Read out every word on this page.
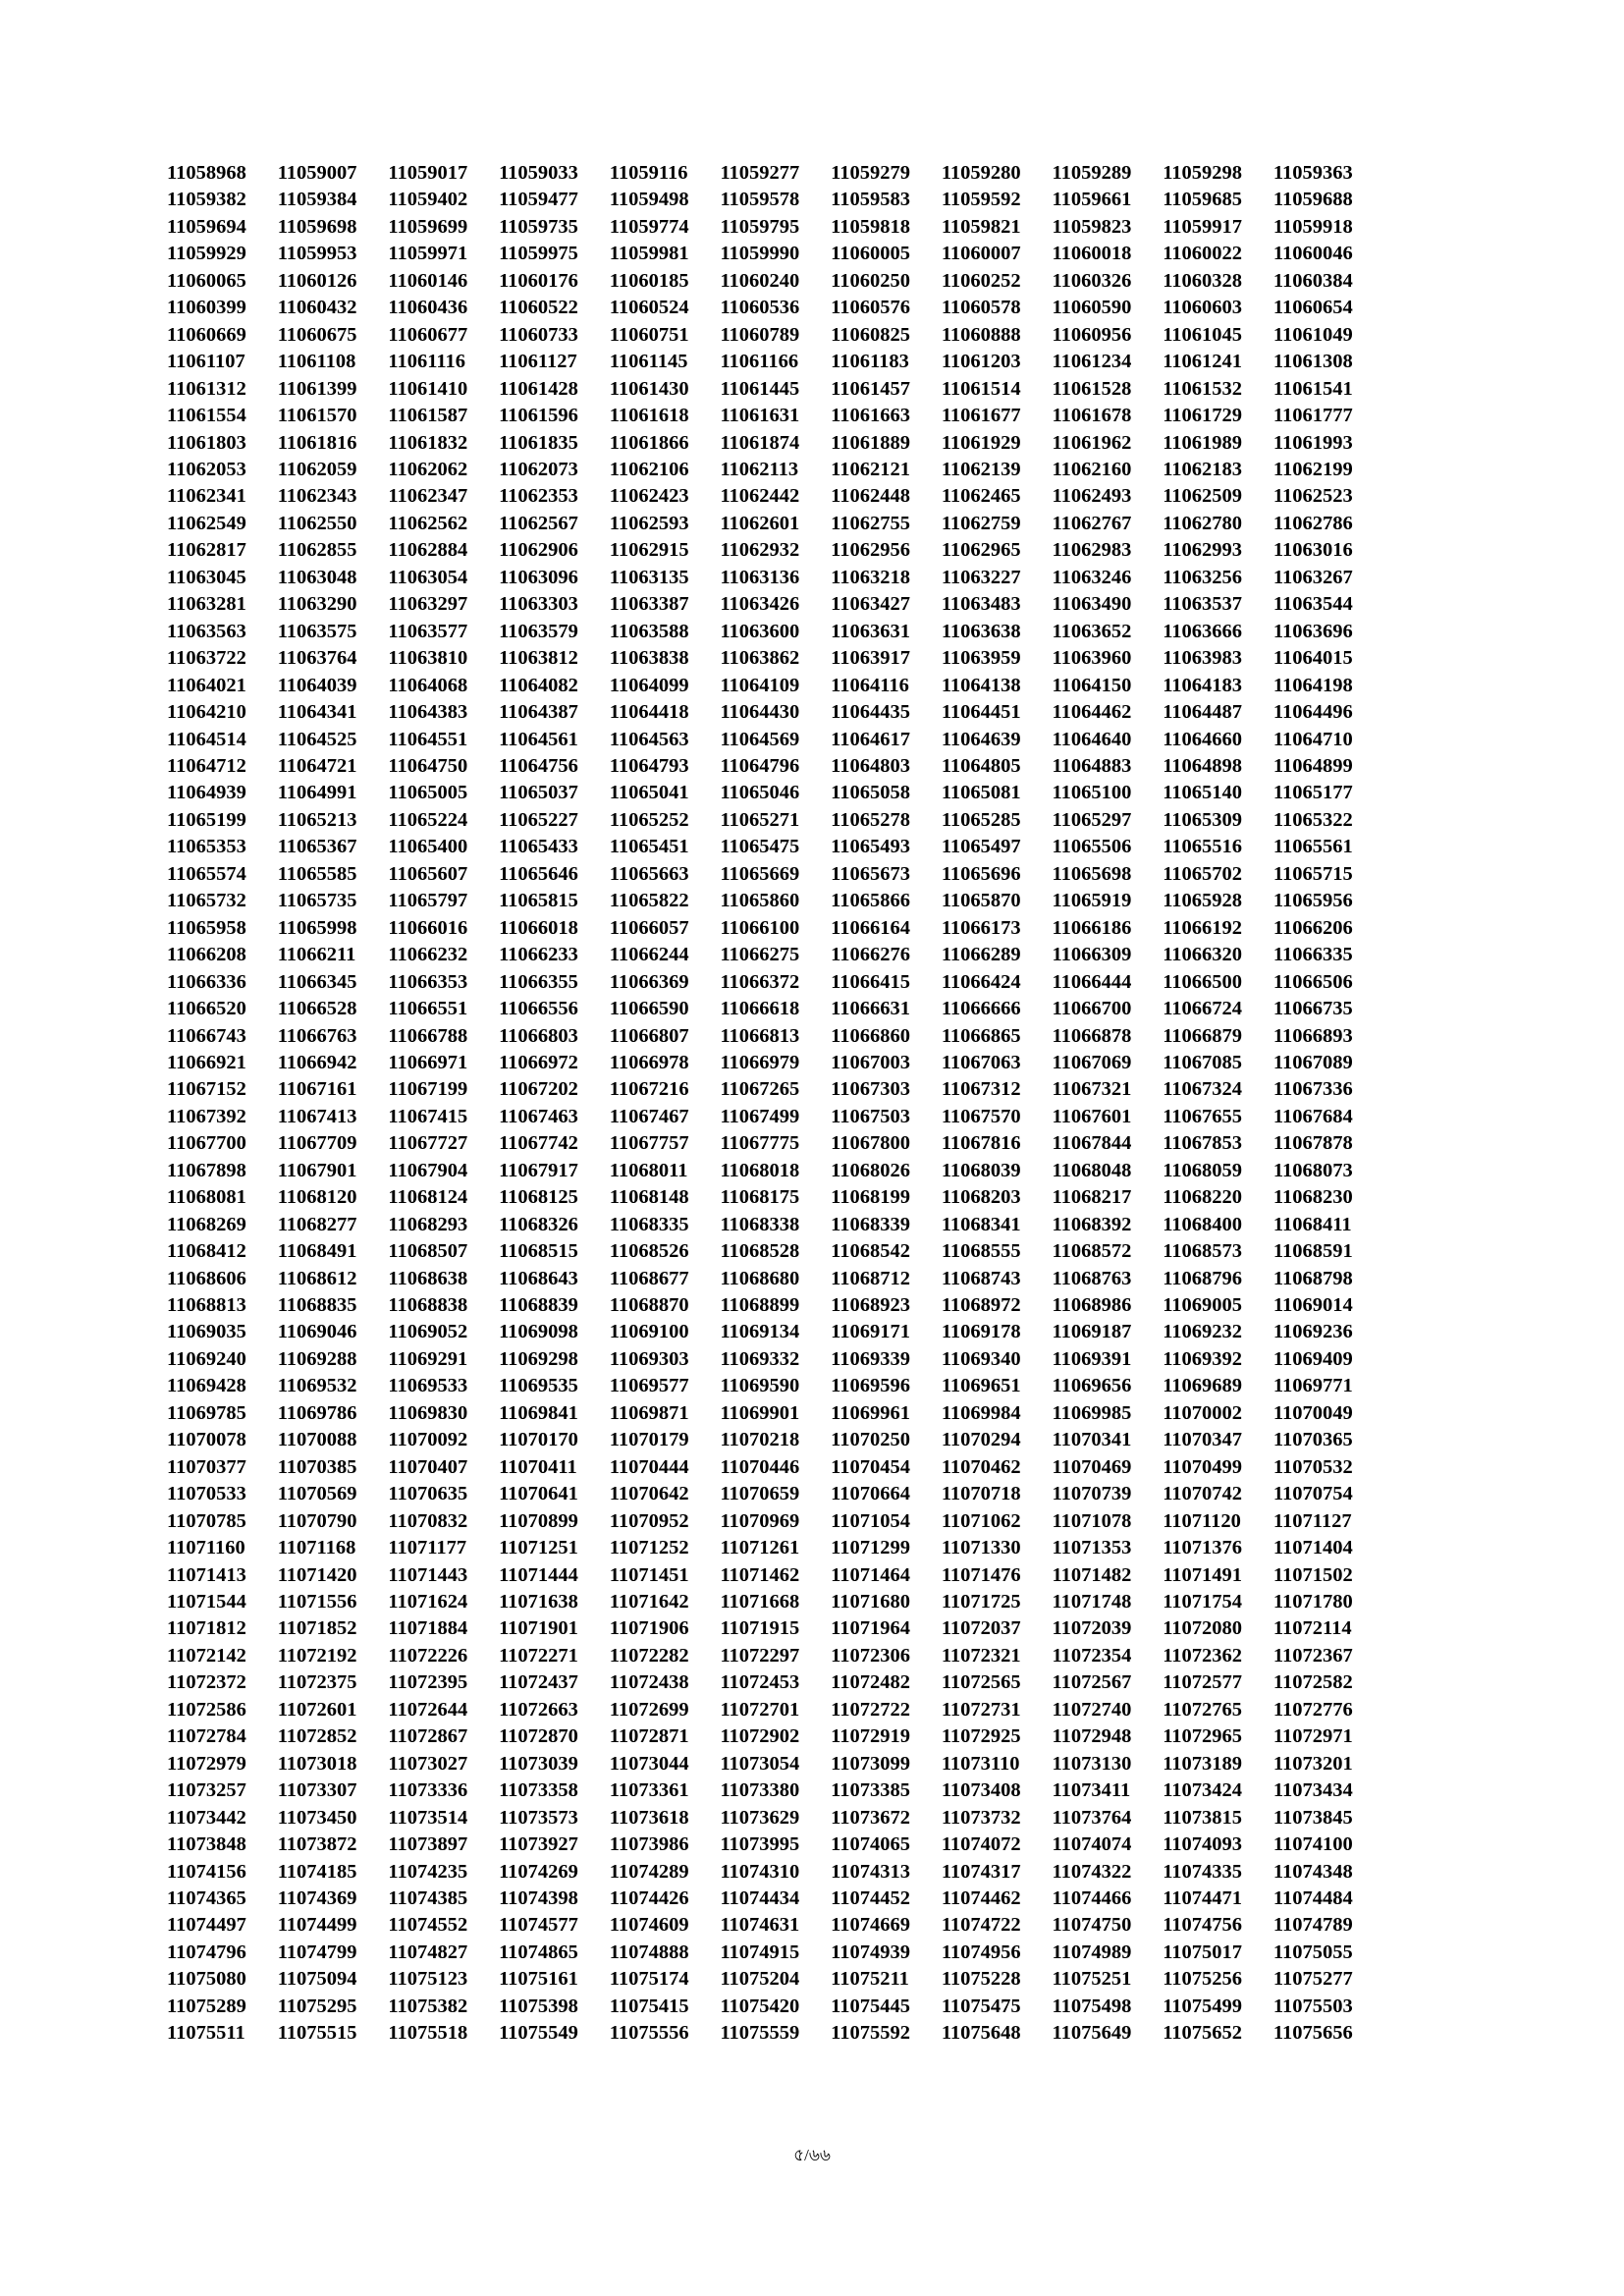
11058968	11059007	11059017	11059033	11059116	11059277	11059279	11059280	11059289	11059298	11059363
11059382	11059384	11059402	11059477	11059498	11059578	11059583	11059592	11059661	11059685	11059688
11059694	11059698	11059699	11059735	11059774	11059795	11059818	11059821	11059823	11059917	11059918
11059929	11059953	11059971	11059975	11059981	11059990	11060005	11060007	11060018	11060022	11060046
11060065	11060126	11060146	11060176	11060185	11060240	11060250	11060252	11060326	11060328	11060384
11060399	11060432	11060436	11060522	11060524	11060536	11060576	11060578	11060590	11060603	11060654
11060669	11060675	11060677	11060733	11060751	11060789	11060825	11060888	11060956	11061045	11061049
11061107	11061108	11061116	11061127	11061145	11061166	11061183	11061203	11061234	11061241	11061308
11061312	11061399	11061410	11061428	11061430	11061445	11061457	11061514	11061528	11061532	11061541
11061554	11061570	11061587	11061596	11061618	11061631	11061663	11061677	11061678	11061729	11061777
11061803	11061816	11061832	11061835	11061866	11061874	11061889	11061929	11061962	11061989	11061993
11062053	11062059	11062062	11062073	11062106	11062113	11062121	11062139	11062160	11062183	11062199
11062341	11062343	11062347	11062353	11062423	11062442	11062448	11062465	11062493	11062509	11062523
11062549	11062550	11062562	11062567	11062593	11062601	11062755	11062759	11062767	11062780	11062786
11062817	11062855	11062884	11062906	11062915	11062932	11062956	11062965	11062983	11062993	11063016
11063045	11063048	11063054	11063096	11063135	11063136	11063218	11063227	11063246	11063256	11063267
11063281	11063290	11063297	11063303	11063387	11063426	11063427	11063483	11063490	11063537	11063544
11063563	11063575	11063577	11063579	11063588	11063600	11063631	11063638	11063652	11063666	11063696
11063722	11063764	11063810	11063812	11063838	11063862	11063917	11063959	11063960	11063983	11064015
11064021	11064039	11064068	11064082	11064099	11064109	11064116	11064138	11064150	11064183	11064198
11064210	11064341	11064383	11064387	11064418	11064430	11064435	11064451	11064462	11064487	11064496
11064514	11064525	11064551	11064561	11064563	11064569	11064617	11064639	11064640	11064660	11064710
11064712	11064721	11064750	11064756	11064793	11064796	11064803	11064805	11064883	11064898	11064899
11064939	11064991	11065005	11065037	11065041	11065046	11065058	11065081	11065100	11065140	11065177
11065199	11065213	11065224	11065227	11065252	11065271	11065278	11065285	11065297	11065309	11065322
11065353	11065367	11065400	11065433	11065451	11065475	11065493	11065497	11065506	11065516	11065561
11065574	11065585	11065607	11065646	11065663	11065669	11065673	11065696	11065698	11065702	11065715
11065732	11065735	11065797	11065815	11065822	11065860	11065866	11065870	11065919	11065928	11065956
11065958	11065998	11066016	11066018	11066057	11066100	11066164	11066173	11066186	11066192	11066206
11066208	11066211	11066232	11066233	11066244	11066275	11066276	11066289	11066309	11066320	11066335
11066336	11066345	11066353	11066355	11066369	11066372	11066415	11066424	11066444	11066500	11066506
11066520	11066528	11066551	11066556	11066590	11066618	11066631	11066666	11066700	11066724	11066735
11066743	11066763	11066788	11066803	11066807	11066813	11066860	11066865	11066878	11066879	11066893
11066921	11066942	11066971	11066972	11066978	11066979	11067003	11067063	11067069	11067085	11067089
11067152	11067161	11067199	11067202	11067216	11067265	11067303	11067312	11067321	11067324	11067336
11067392	11067413	11067415	11067463	11067467	11067499	11067503	11067570	11067601	11067655	11067684
11067700	11067709	11067727	11067742	11067757	11067775	11067800	11067816	11067844	11067853	11067878
11067898	11067901	11067904	11067917	11068011	11068018	11068026	11068039	11068048	11068059	11068073
11068081	11068120	11068124	11068125	11068148	11068175	11068199	11068203	11068217	11068220	11068230
11068269	11068277	11068293	11068326	11068335	11068338	11068339	11068341	11068392	11068400	11068411
11068412	11068491	11068507	11068515	11068526	11068528	11068542	11068555	11068572	11068573	11068591
11068606	11068612	11068638	11068643	11068677	11068680	11068712	11068743	11068763	11068796	11068798
11068813	11068835	11068838	11068839	11068870	11068899	11068923	11068972	11068986	11069005	11069014
11069035	11069046	11069052	11069098	11069100	11069134	11069171	11069178	11069187	11069232	11069236
11069240	11069288	11069291	11069298	11069303	11069332	11069339	11069340	11069391	11069392	11069409
11069428	11069532	11069533	11069535	11069577	11069590	11069596	11069651	11069656	11069689	11069771
11069785	11069786	11069830	11069841	11069871	11069901	11069961	11069984	11069985	11070002	11070049
11070078	11070088	11070092	11070170	11070179	11070218	11070250	11070294	11070341	11070347	11070365
11070377	11070385	11070407	11070411	11070444	11070446	11070454	11070462	11070469	11070499	11070532
11070533	11070569	11070635	11070641	11070642	11070659	11070664	11070718	11070739	11070742	11070754
11070785	11070790	11070832	11070899	11070952	11070969	11071054	11071062	11071078	11071120	11071127
11071160	11071168	11071177	11071251	11071252	11071261	11071299	11071330	11071353	11071376	11071404
11071413	11071420	11071443	11071444	11071451	11071462	11071464	11071476	11071482	11071491	11071502
11071544	11071556	11071624	11071638	11071642	11071668	11071680	11071725	11071748	11071754	11071780
11071812	11071852	11071884	11071901	11071906	11071915	11071964	11072037	11072039	11072080	11072114
11072142	11072192	11072226	11072271	11072282	11072297	11072306	11072321	11072354	11072362	11072367
11072372	11072375	11072395	11072437	11072438	11072453	11072482	11072565	11072567	11072577	11072582
11072586	11072601	11072644	11072663	11072699	11072701	11072722	11072731	11072740	11072765	11072776
11072784	11072852	11072867	11072870	11072871	11072902	11072919	11072925	11072948	11072965	11072971
11072979	11073018	11073027	11073039	11073044	11073054	11073099	11073110	11073130	11073189	11073201
11073257	11073307	11073336	11073358	11073361	11073380	11073385	11073408	11073411	11073424	11073434
11073442	11073450	11073514	11073573	11073618	11073629	11073672	11073732	11073764	11073815	11073845
11073848	11073872	11073897	11073927	11073986	11073995	11074065	11074072	11074074	11074093	11074100
11074156	11074185	11074235	11074269	11074289	11074310	11074313	11074317	11074322	11074335	11074348
11074365	11074369	11074385	11074398	11074426	11074434	11074452	11074462	11074466	11074471	11074484
11074497	11074499	11074552	11074577	11074609	11074631	11074669	11074722	11074750	11074756	11074789
11074796	11074799	11074827	11074865	11074888	11074915	11074939	11074956	11074989	11075017	11075055
11075080	11075094	11075123	11075161	11075174	11075204	11075211	11075228	11075251	11075256	11075277
11075289	11075295	11075382	11075398	11075415	11075420	11075445	11075475	11075498	11075499	11075503
11075511	11075515	11075518	11075549	11075556	11075559	11075592	11075648	11075649	11075652	11075656
৫/৬৬
